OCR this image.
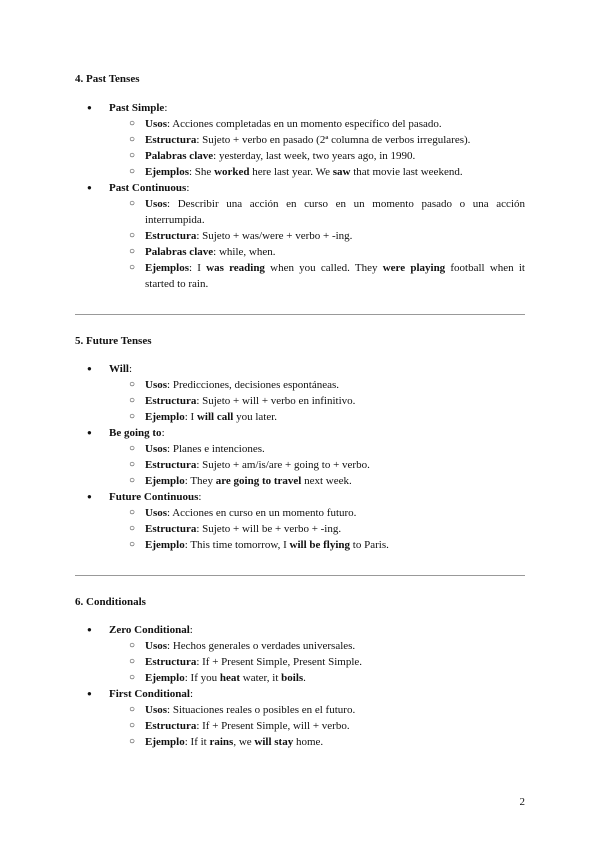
4. Past Tenses
● Past Simple:
○ Usos: Acciones completadas en un momento específico del pasado.
○ Estructura: Sujeto + verbo en pasado (2ª columna de verbos irregulares).
○ Palabras clave: yesterday, last week, two years ago, in 1990.
○ Ejemplos: She worked here last year. We saw that movie last weekend.
● Past Continuous:
○ Usos: Describir una acción en curso en un momento pasado o una acción interrumpida.
○ Estructura: Sujeto + was/were + verbo + -ing.
○ Palabras clave: while, when.
○ Ejemplos: I was reading when you called. They were playing football when it started to rain.
5. Future Tenses
● Will:
○ Usos: Predicciones, decisiones espontáneas.
○ Estructura: Sujeto + will + verbo en infinitivo.
○ Ejemplo: I will call you later.
● Be going to:
○ Usos: Planes e intenciones.
○ Estructura: Sujeto + am/is/are + going to + verbo.
○ Ejemplo: They are going to travel next week.
● Future Continuous:
○ Usos: Acciones en curso en un momento futuro.
○ Estructura: Sujeto + will be + verbo + -ing.
○ Ejemplo: This time tomorrow, I will be flying to Paris.
6. Conditionals
● Zero Conditional:
○ Usos: Hechos generales o verdades universales.
○ Estructura: If + Present Simple, Present Simple.
○ Ejemplo: If you heat water, it boils.
● First Conditional:
○ Usos: Situaciones reales o posibles en el futuro.
○ Estructura: If + Present Simple, will + verbo.
○ Ejemplo: If it rains, we will stay home.
2
